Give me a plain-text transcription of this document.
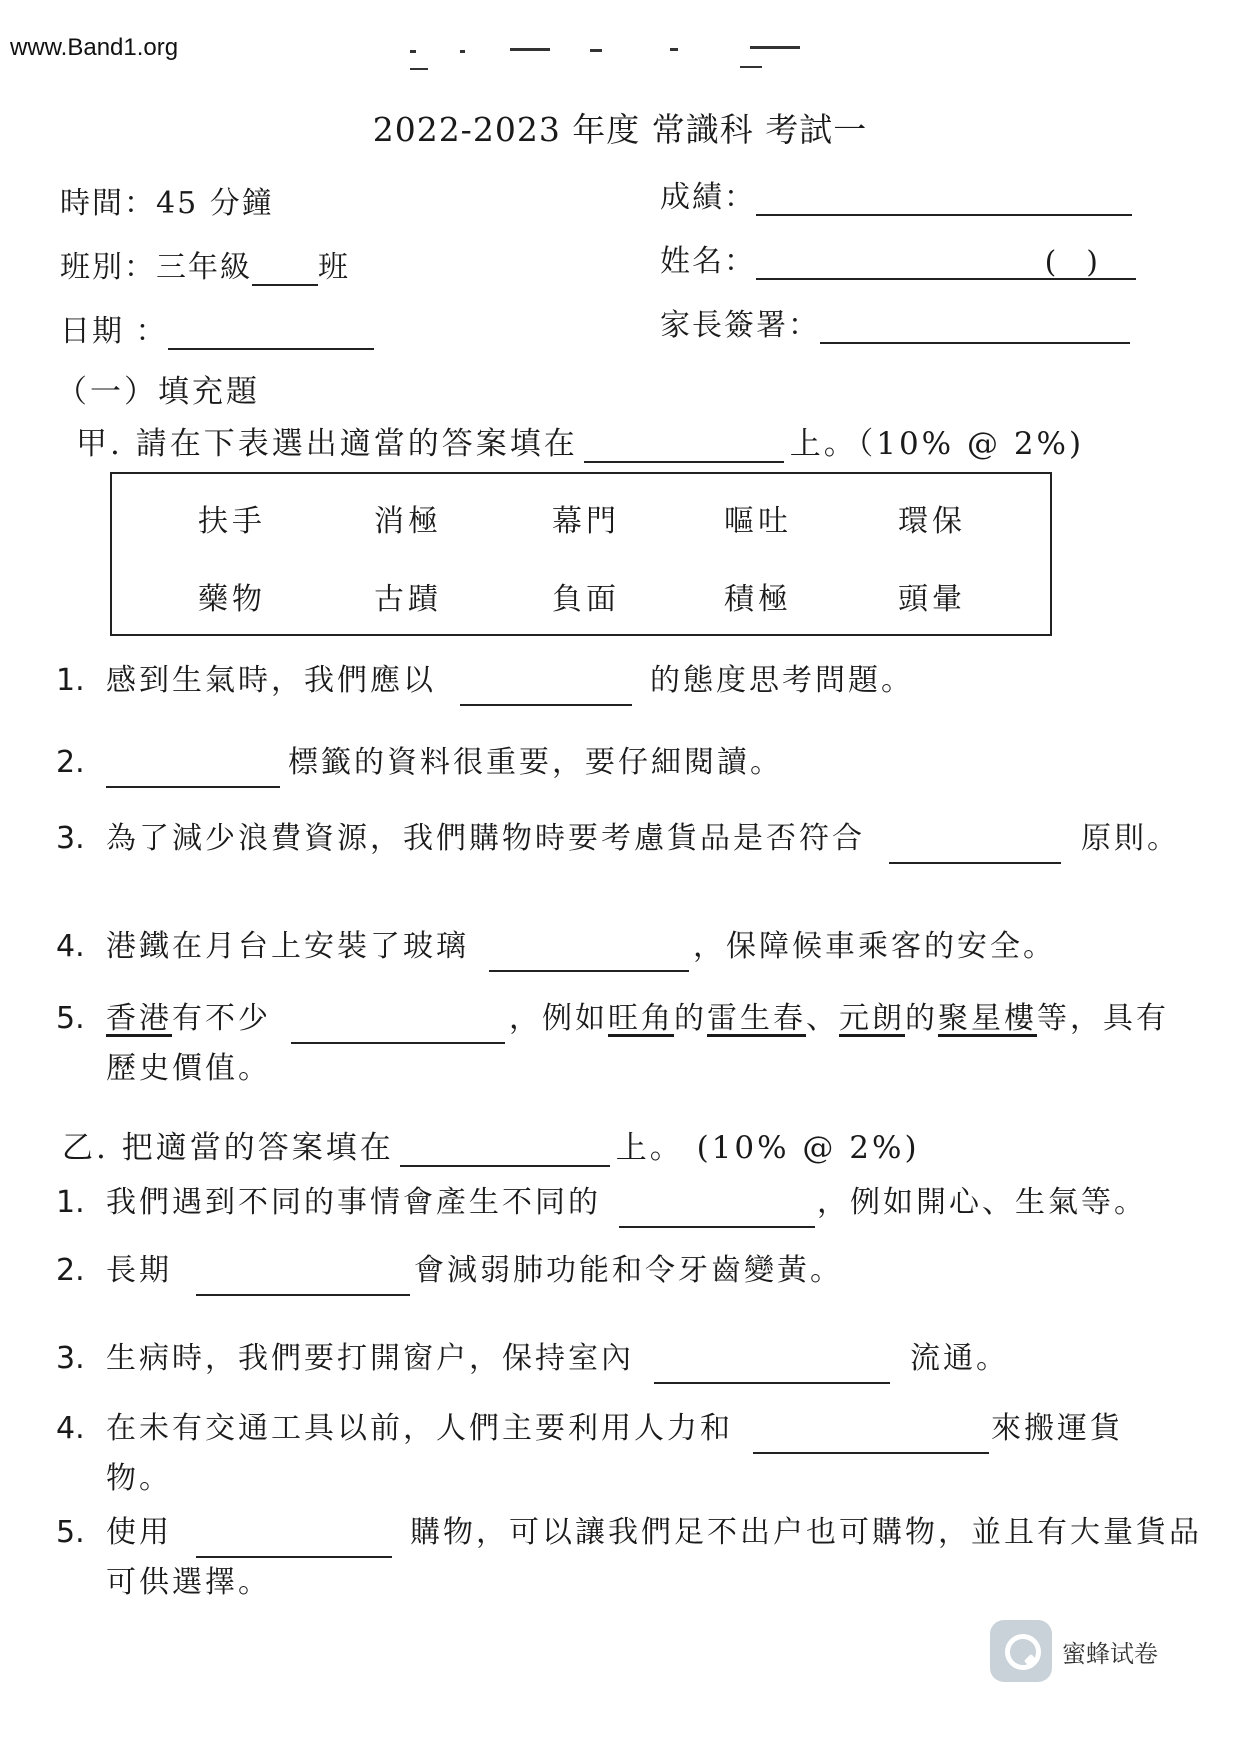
www.Band1.org
2022-2023 年度 常識科 考試一
時間：45 分鐘
班別：三年級 班
日期 ：
成績：
姓名：	()
家長簽署：
（一）填充題
甲. 請在下表選出適當的答案填在	上。（10% @ 2%)
扶手	消極	幕門	嘔吐	環保
藥物	古蹟	負面	積極	頭暈
1. 感到生氣時，我們應以	的態度思考問題。
2.	標籤的資料很重要，要仔細閱讀。
3. 為了減少浪費資源，我們購物時要考慮貨品是否符合	原則。
4. 港鐵在月台上安裝了玻璃	，保障候車乘客的安全。
5. 香港有不少	，例如旺角的雷生春、元朗的聚星樓等，具有歷史價值。
乙. 把適當的答案填在	上。 (10% @ 2%)
1. 我們遇到不同的事情會產生不同的	，例如開心、生氣等。
2. 長期	會減弱肺功能和令牙齒變黃。
3. 生病時，我們要打開窗户，保持室內	流通。
4. 在未有交通工具以前，人們主要利用人力和	來搬運貨物。
5. 使用	購物，可以讓我們足不出户也可購物，並且有大量貨品可供選擇。
蜜蜂试卷
